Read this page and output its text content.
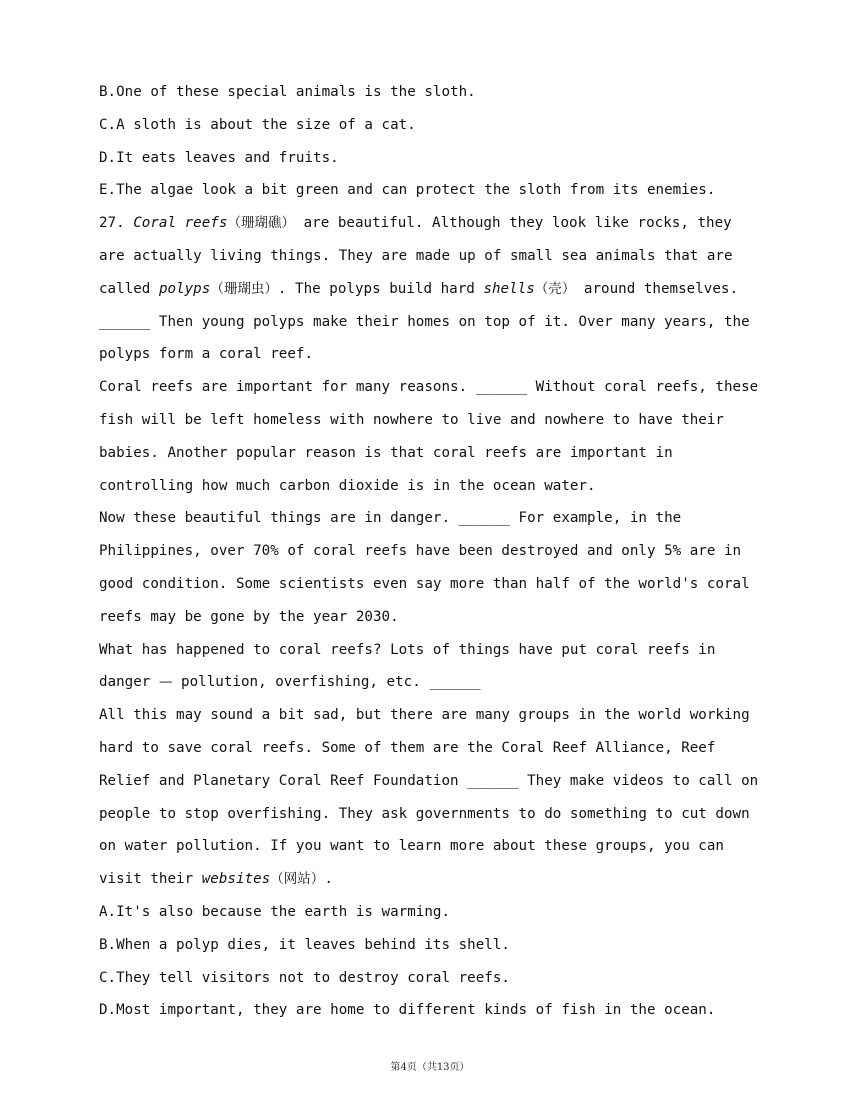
B.One of these special animals is the sloth.
C.A sloth is about the size of a cat.
D.It eats leaves and fruits.
E.The algae look a bit green and can protect the sloth from its enemies.
27. Coral reefs（珊瑚礁） are beautiful. Although they look like rocks, they
are actually living things. They are made up of small sea animals that are
called polyps（珊瑚虫）. The polyps build hard shells（壳） around themselves.
______ Then young polyps make their homes on top of it. Over many years, the
polyps form a coral reef.
Coral reefs are important for many reasons. ______ Without coral reefs, these
fish will be left homeless with nowhere to live and nowhere to have their
babies. Another popular reason is that coral reefs are important in
controlling how much carbon dioxide is in the ocean water.
Now these beautiful things are in danger. ______ For example, in the
Philippines, over 70% of coral reefs have been destroyed and only 5% are in
good condition. Some scientists even say more than half of the world's coral
reefs may be gone by the year 2030.
What has happened to coral reefs? Lots of things have put coral reefs in
danger — pollution, overfishing, etc. ______
All this may sound a bit sad, but there are many groups in the world working
hard to save coral reefs. Some of them are the Coral Reef Alliance, Reef
Relief and Planetary Coral Reef Foundation ______ They make videos to call on
people to stop overfishing. They ask governments to do something to cut down
on water pollution. If you want to learn more about these groups, you can
visit their websites（网站）.
A.It's also because the earth is warming.
B.When a polyp dies, it leaves behind its shell.
C.They tell visitors not to destroy coral reefs.
D.Most important, they are home to different kinds of fish in the ocean.
第4页（共13页）
